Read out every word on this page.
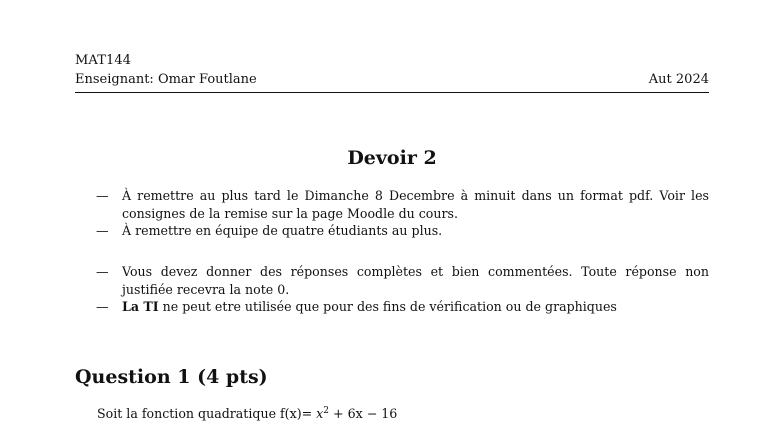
MAT144
Enseignant: Omar Foutlane	Aut 2024
Devoir 2
—	À remettre au plus tard le Dimanche 8 Decembre à minuit dans un format pdf. Voir les consignes de la remise sur la page Moodle du cours.
—	À remettre en équipe de quatre étudiants au plus.
—	Vous devez donner des réponses complètes et bien commentées. Toute réponse non justifiée recevra la note 0.
—	La TI ne peut etre utilisée que pour des fins de vérification ou de graphiques
Question 1 (4 pts)
Soit la fonction quadratique $f(x)= x^2 + 6x - 16$
